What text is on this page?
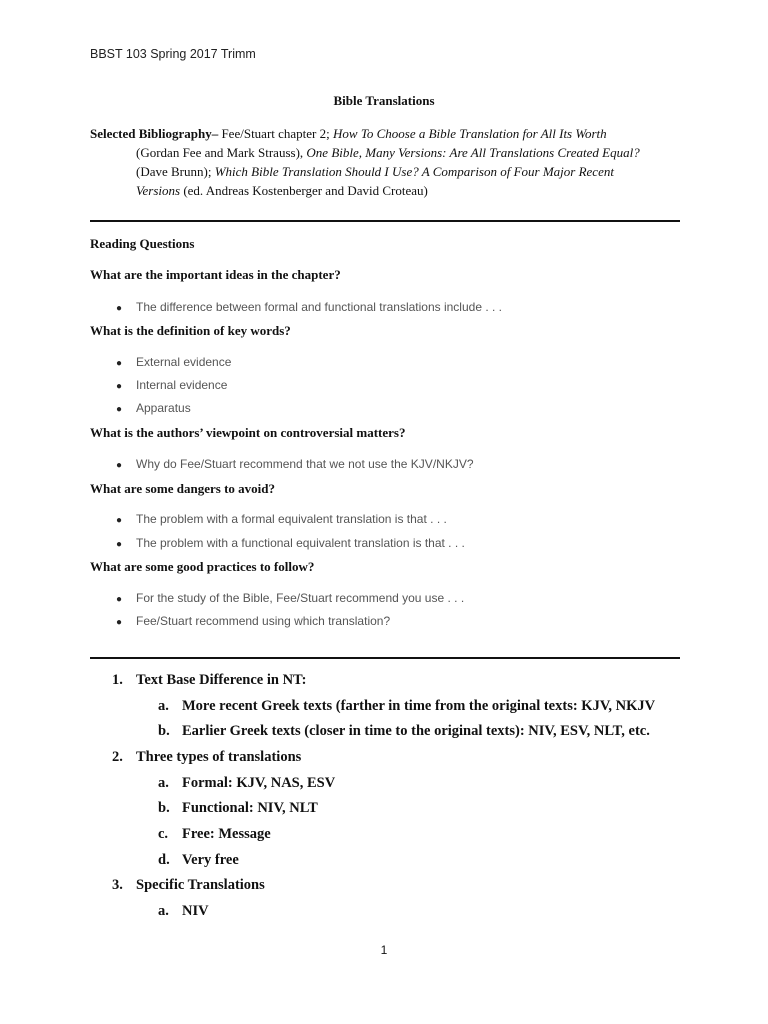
BBST 103 Spring 2017 Trimm
Bible Translations
Selected Bibliography– Fee/Stuart chapter 2; How To Choose a Bible Translation for All Its Worth
(Gordan Fee and Mark Strauss), One Bible, Many Versions: Are All Translations Created Equal?
(Dave Brunn); Which Bible Translation Should I Use? A Comparison of Four Major Recent
Versions (ed. Andreas Kostenberger and David Croteau)
Reading Questions
What are the important ideas in the chapter?
● The difference between formal and functional translations include . . .
What is the definition of key words?
● External evidence
● Internal evidence
● Apparatus
What is the authors’ viewpoint on controversial matters?
● Why do Fee/Stuart recommend that we not use the KJV/NKJV?
What are some dangers to avoid?
● The problem with a formal equivalent translation is that . . .
● The problem with a functional equivalent translation is that . . .
What are some good practices to follow?
● For the study of the Bible, Fee/Stuart recommend you use . . .
● Fee/Stuart recommend using which translation?
1. Text Base Difference in NT:
a. More recent Greek texts (farther in time from the original texts: KJV, NKJV
b. Earlier Greek texts (closer in time to the original texts): NIV, ESV, NLT, etc.
2. Three types of translations
a. Formal: KJV, NAS, ESV
b. Functional: NIV, NLT
c. Free: Message
d. Very free
3. Specific Translations
a. NIV
1
